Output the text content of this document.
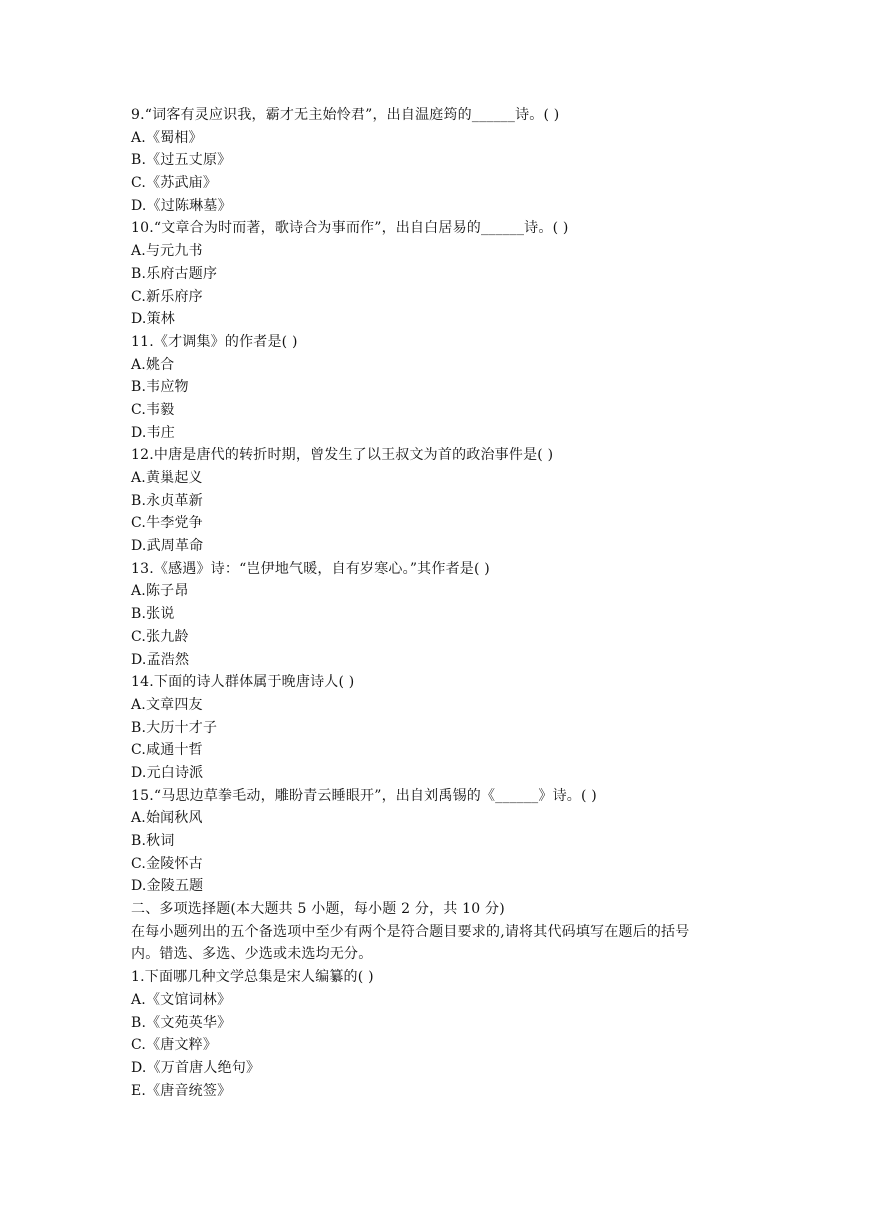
9.“词客有灵应识我，霸才无主始怜君”，出自温庭筠的______诗。( )
A.《蜀相》
B.《过五丈原》
C.《苏武庙》
D.《过陈琳墓》
10.“文章合为时而著，歌诗合为事而作”，出自白居易的______诗。( )
A.与元九书
B.乐府古题序
C.新乐府序
D.策林
11.《才调集》的作者是( )
A.姚合
B.韦应物
C.韦毅
D.韦庄
12.中唐是唐代的转折时期，曾发生了以王叔文为首的政治事件是( )
A.黄巢起义
B.永贞革新
C.牛李党争
D.武周革命
13.《感遇》诗：“岂伊地气暖，自有岁寒心。”其作者是( )
A.陈子昂
B.张说
C.张九龄
D.孟浩然
14.下面的诗人群体属于晚唐诗人( )
A.文章四友
B.大历十才子
C.咸通十哲
D.元白诗派
15.“马思边草拳毛动，雕盼青云睡眼开”，出自刘禹锡的《______》诗。( )
A.始闻秋风
B.秋词
C.金陵怀古
D.金陵五题
二、多项选择题(本大题共 5 小题，每小题 2 分，共 10 分)
在每小题列出的五个备选项中至少有两个是符合题目要求的,请将其代码填写在题后的括号
内。错选、多选、少选或未选均无分。
1.下面哪几种文学总集是宋人编纂的( )
A.《文馆词林》
B.《文苑英华》
C.《唐文粹》
D.《万首唐人绝句》
E.《唐音统签》
